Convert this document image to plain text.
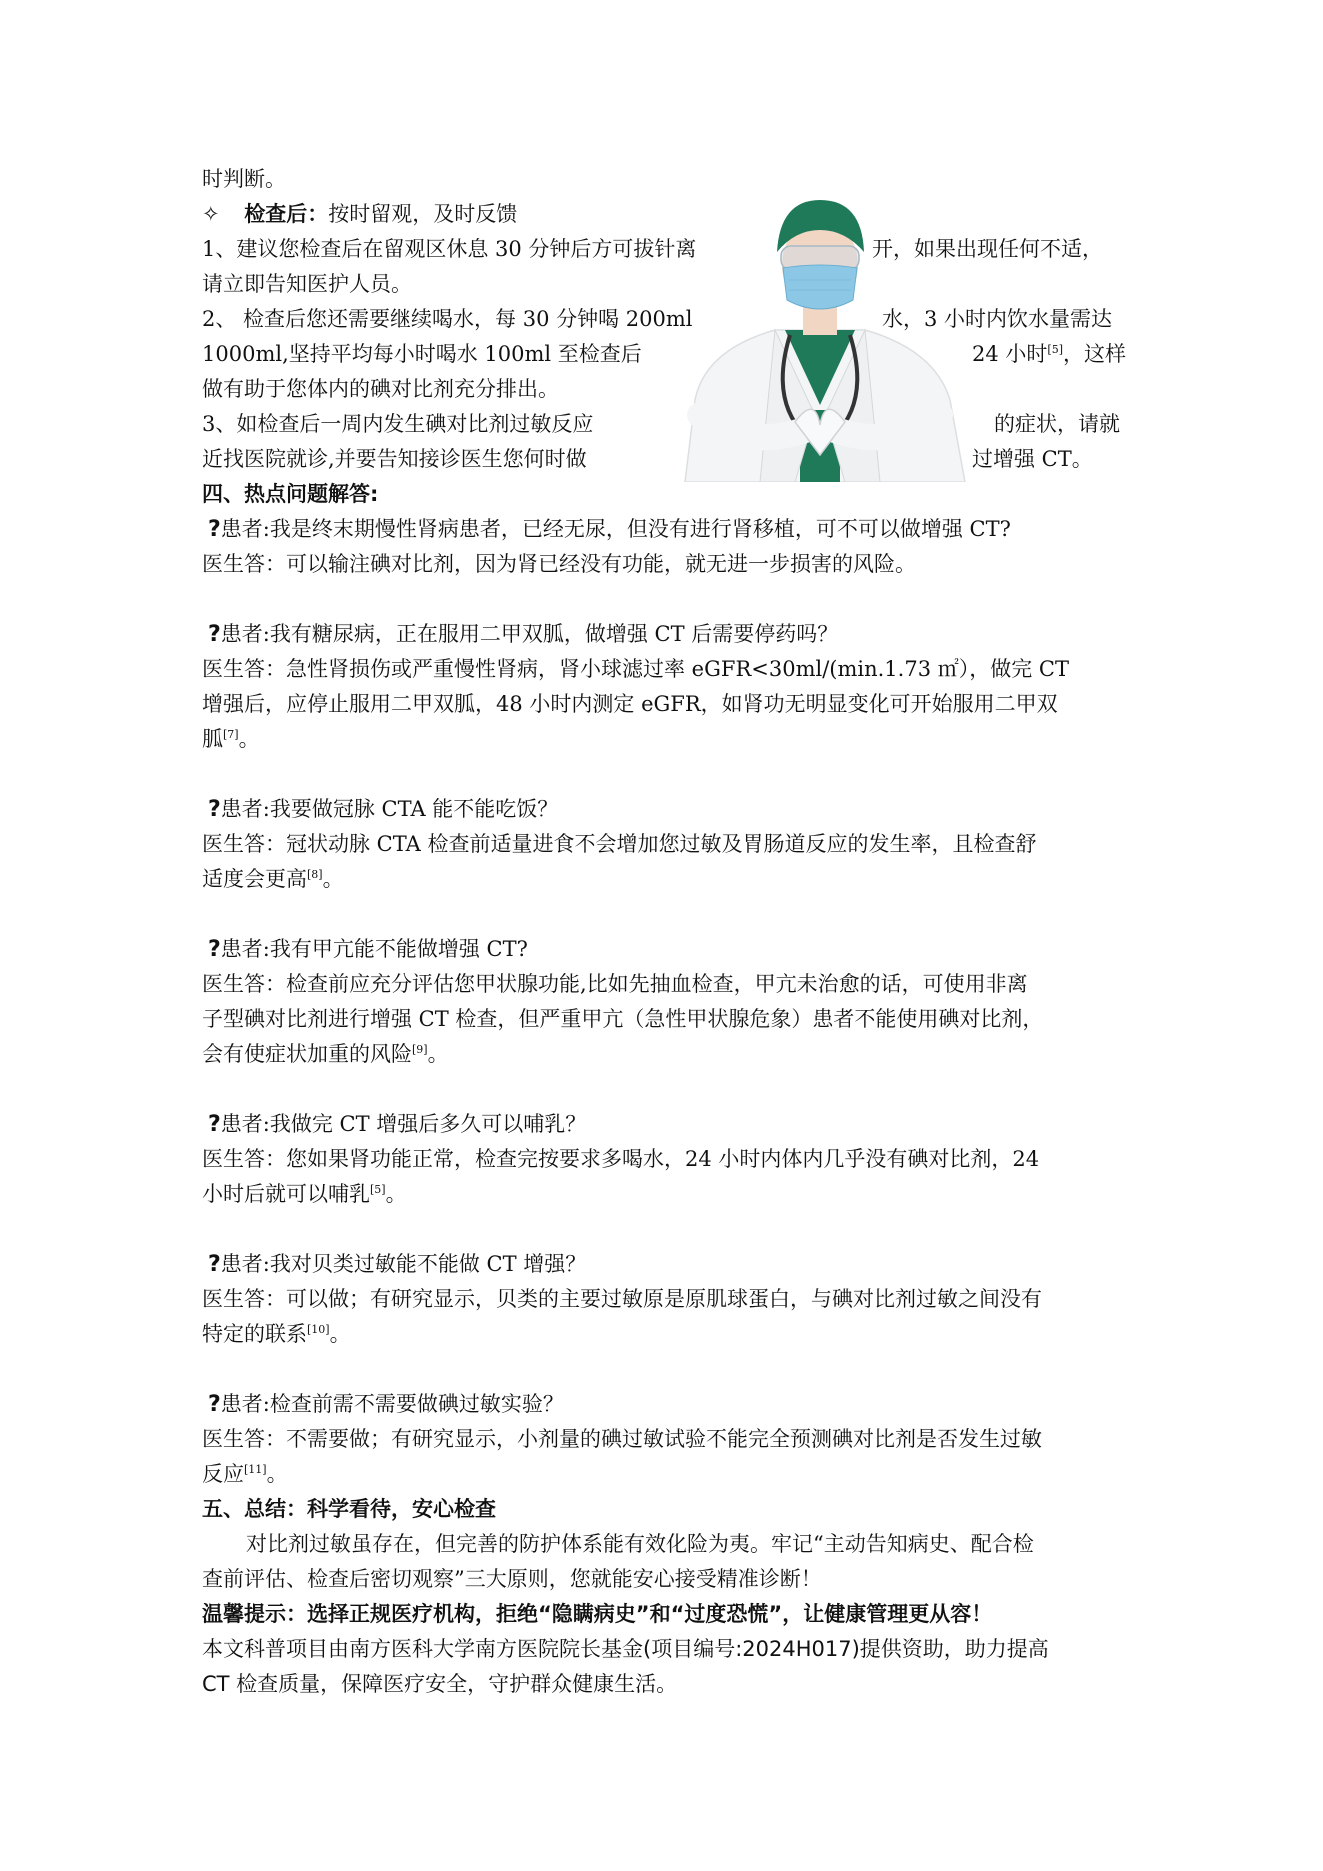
时判断。
✧ 检查后：按时留观，及时反馈
1、建议您检查后在留观区休息 30 分钟后方可拔针离	开，如果出现任何不适，
请立即告知医护人员。
2、 检查后您还需要继续喝水，每 30 分钟喝 200ml	水，3 小时内饮水量需达
1000ml,坚持平均每小时喝水 100ml 至检查后	24 小时[5]，这样
做有助于您体内的碘对比剂充分排出。
3、如检查后一周内发生碘对比剂过敏反应	的症状，请就
近找医院就诊,并要告知接诊医生您何时做	过增强 CT。
四、热点问题解答:
?患者:我是终末期慢性肾病患者，已经无尿，但没有进行肾移植，可不可以做增强 CT?
医生答：可以输注碘对比剂，因为肾已经没有功能，就无进一步损害的风险。
?患者:我有糖尿病，正在服用二甲双胍，做增强 CT 后需要停药吗？
医生答：急性肾损伤或严重慢性肾病，肾小球滤过率 eGFR<30ml/(min.1.73 ㎡），做完 CT
增强后，应停止服用二甲双胍，48 小时内测定 eGFR，如肾功无明显变化可开始服用二甲双
胍[7]。
?患者:我要做冠脉 CTA 能不能吃饭？
医生答：冠状动脉 CTA 检查前适量进食不会增加您过敏及胃肠道反应的发生率，且检查舒
适度会更高[8]。
?患者:我有甲亢能不能做增强 CT?
医生答：检查前应充分评估您甲状腺功能,比如先抽血检查，甲亢未治愈的话，可使用非离
子型碘对比剂进行增强 CT 检查，但严重甲亢（急性甲状腺危象）患者不能使用碘对比剂，
会有使症状加重的风险[9]。
?患者:我做完 CT 增强后多久可以哺乳？
医生答：您如果肾功能正常，检查完按要求多喝水，24 小时内体内几乎没有碘对比剂，24
小时后就可以哺乳[5]。
?患者:我对贝类过敏能不能做 CT 增强？
医生答：可以做；有研究显示，贝类的主要过敏原是原肌球蛋白，与碘对比剂过敏之间没有
特定的联系[10]。
?患者:检查前需不需要做碘过敏实验？
医生答：不需要做；有研究显示，小剂量的碘过敏试验不能完全预测碘对比剂是否发生过敏
反应[11]。
五、总结：科学看待，安心检查
对比剂过敏虽存在，但完善的防护体系能有效化险为夷。牢记“主动告知病史、配合检
查前评估、检查后密切观察”三大原则，您就能安心接受精准诊断！
温馨提示：选择正规医疗机构，拒绝“隐瞒病史”和“过度恐慌”，让健康管理更从容！
本文科普项目由南方医科大学南方医院院长基金(项目编号:2024H017)提供资助，助力提高
CT 检查质量，保障医疗安全，守护群众健康生活。
